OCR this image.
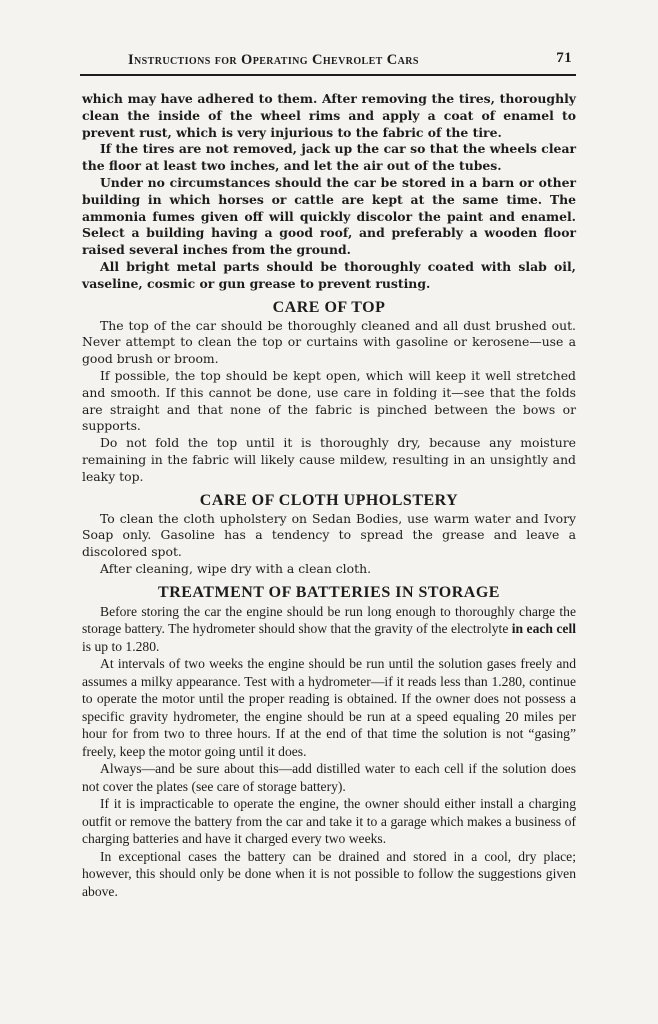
Instructions for Operating Chevrolet Cars	71

which may have adhered to them. After removing the tires, thoroughly clean the inside of the wheel rims and apply a coat of enamel to prevent rust, which is very injurious to the fabric of the tire.

If the tires are not removed, jack up the car so that the wheels clear the floor at least two inches, and let the air out of the tubes.

Under no circumstances should the car be stored in a barn or other building in which horses or cattle are kept at the same time. The ammonia fumes given off will quickly discolor the paint and enamel. Select a building having a good roof, and preferably a wooden floor raised several inches from the ground.

All bright metal parts should be thoroughly coated with slab oil, vaseline, cosmic or gun grease to prevent rusting.

CARE OF TOP

The top of the car should be thoroughly cleaned and all dust brushed out. Never attempt to clean the top or curtains with gasoline or kerosene—use a good brush or broom.

If possible, the top should be kept open, which will keep it well stretched and smooth. If this cannot be done, use care in folding it—see that the folds are straight and that none of the fabric is pinched between the bows or supports.

Do not fold the top until it is thoroughly dry, because any moisture remaining in the fabric will likely cause mildew, resulting in an unsightly and leaky top.

CARE OF CLOTH UPHOLSTERY

To clean the cloth upholstery on Sedan Bodies, use warm water and Ivory Soap only. Gasoline has a tendency to spread the grease and leave a discolored spot.

After cleaning, wipe dry with a clean cloth.

TREATMENT OF BATTERIES IN STORAGE

Before storing the car the engine should be run long enough to thoroughly charge the storage battery. The hydrometer should show that the gravity of the electrolyte in each cell is up to 1.280.

At intervals of two weeks the engine should be run until the solution gases freely and assumes a milky appearance. Test with a hydrometer—if it reads less than 1.280, continue to operate the motor until the proper reading is obtained. If the owner does not possess a specific gravity hydrometer, the engine should be run at a speed equaling 20 miles per hour for from two to three hours. If at the end of that time the solution is not “gasing” freely, keep the motor going until it does.

Always—and be sure about this—add distilled water to each cell if the solution does not cover the plates (see care of storage battery).

If it is impracticable to operate the engine, the owner should either install a charging outfit or remove the battery from the car and take it to a garage which makes a business of charging batteries and have it charged every two weeks.

In exceptional cases the battery can be drained and stored in a cool, dry place; however, this should only be done when it is not possible to follow the suggestions given above.
